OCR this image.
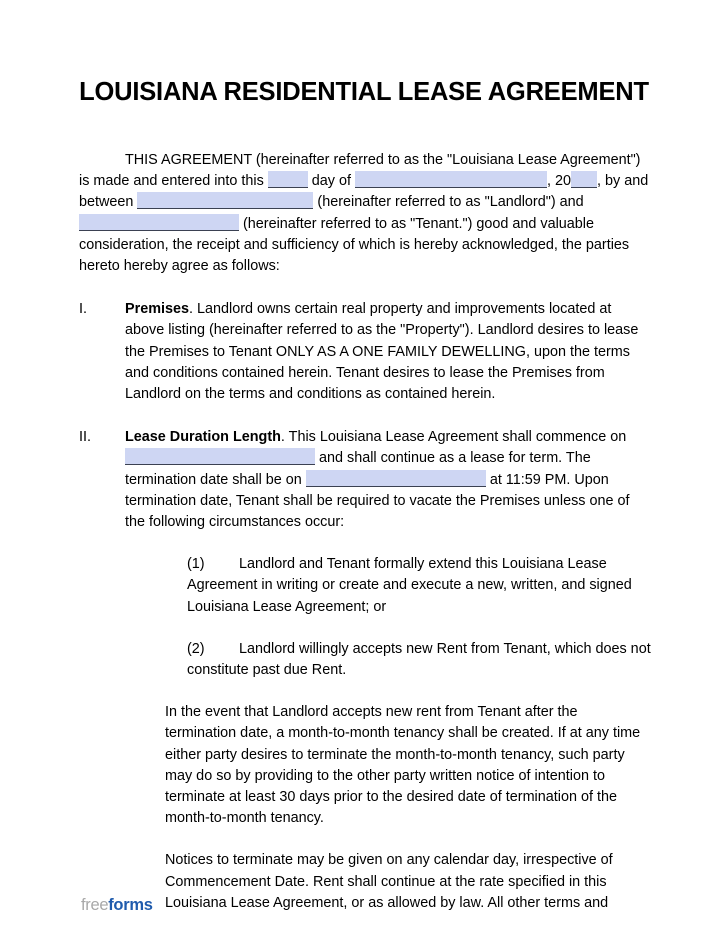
LOUISIANA RESIDENTIAL LEASE AGREEMENT

THIS AGREEMENT (hereinafter referred to as the "Louisiana Lease Agreement") is made and entered into this	day of	, 20 , by and between	(hereinafter referred to as "Landlord") and  (hereinafter referred to as "Tenant.") good and valuable consideration, the receipt and sufficiency of which is hereby acknowledged, the parties hereto hereby agree as follows:

I.	Premises. Landlord owns certain real property and improvements located at above listing (hereinafter referred to as the "Property"). Landlord desires to lease the Premises to Tenant ONLY AS A ONE FAMILY DEWELLING, upon the terms and conditions contained herein. Tenant desires to lease the Premises from Landlord on the terms and conditions as contained herein.
II.	Lease Duration Length. This Louisiana Lease Agreement shall commence on  and shall continue as a lease for term. The termination date shall be on	at 11:59 PM. Upon termination date, Tenant shall be required to vacate the Premises unless one of the following circumstances occur:

(1) Landlord and Tenant formally extend this Louisiana Lease Agreement in writing or create and execute a new, written, and signed Louisiana Lease Agreement; or

(2) Landlord willingly accepts new Rent from Tenant, which does not constitute past due Rent.

In the event that Landlord accepts new rent from Tenant after the termination date, a month-to-month tenancy shall be created. If at any time either party desires to terminate the month-to-month tenancy, such party may do so by providing to the other party written notice of intention to terminate at least 30 days prior to the desired date of termination of the month-to-month tenancy.

Notices to terminate may be given on any calendar day, irrespective of Commencement Date. Rent shall continue at the rate specified in this Louisiana Lease Agreement, or as allowed by law. All other terms and

freeforms
